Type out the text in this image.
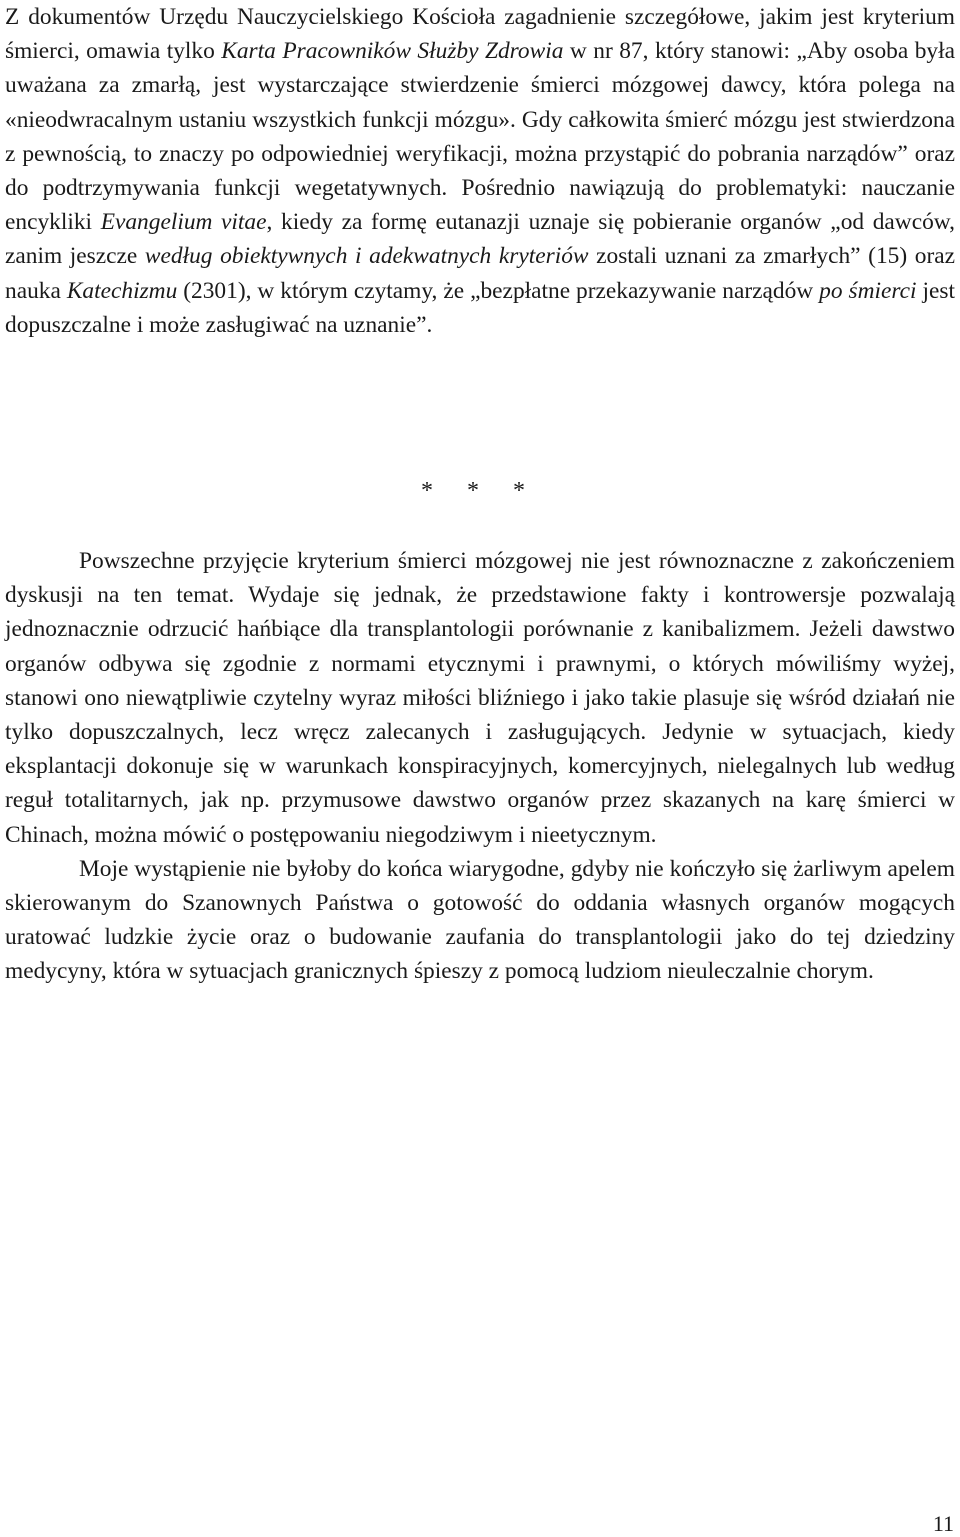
Z dokumentów Urzędu Nauczycielskiego Kościoła zagadnienie szczegółowe, jakim jest kryterium śmierci, omawia tylko Karta Pracowników Służby Zdrowia w nr 87, który stanowi: „Aby osoba była uważana za zmarłą, jest wystarczające stwierdzenie śmierci mózgowej dawcy, która polega na «nieodwracalnym ustaniu wszystkich funkcji mózgu». Gdy całkowita śmierć mózgu jest stwierdzona z pewnością, to znaczy po odpowiedniej weryfikacji, można przystąpić do pobrania narządów” oraz do podtrzymywania funkcji wegetatywnych. Pośrednio nawiązują do problematyki: nauczanie encykliki Evangelium vitae, kiedy za formę eutanazji uznaje się pobieranie organów „od dawców, zanim jeszcze według obiektywnych i adekwatnych kryteriów zostali uznani za zmarłych” (15) oraz nauka Katechizmu (2301), w którym czytamy, że „bezpłatne przekazywanie narządów po śmierci jest dopuszczalne i może zasługiwać na uznanie”.

* * *

Powszechne przyjęcie kryterium śmierci mózgowej nie jest równoznaczne z zakończeniem dyskusji na ten temat. Wydaje się jednak, że przedstawione fakty i kontrowersje pozwalają jednoznacznie odrzucić hańbiące dla transplantologii porównanie z kanibalizmem. Jeżeli dawstwo organów odbywa się zgodnie z normami etycznymi i prawnymi, o których mówiliśmy wyżej, stanowi ono niewątpliwie czytelny wyraz miłości bliźniego i jako takie plasuje się wśród działań nie tylko dopuszczalnych, lecz wręcz zalecanych i zasługujących. Jedynie w sytuacjach, kiedy eksplantacji dokonuje się w warunkach konspiracyjnych, komercyjnych, nielegalnych lub według reguł totalitarnych, jak np. przymusowe dawstwo organów przez skazanych na karę śmierci w Chinach, można mówić o postępowaniu niegodziwym i nieetycznym.

Moje wystąpienie nie byłoby do końca wiarygodne, gdyby nie kończyło się żarliwym apelem skierowanym do Szanownych Państwa o gotowość do oddania własnych organów mogących uratować ludzkie życie oraz o budowanie zaufania do transplantologii jako do tej dziedziny medycyny, która w sytuacjach granicznych śpieszy z pomocą ludziom nieuleczalnie chorym.

11
